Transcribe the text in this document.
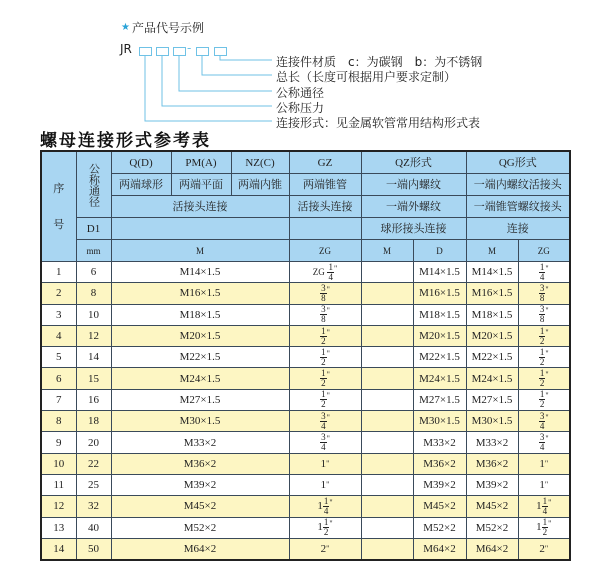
★ 产品代号示例
JR	-
连接件材质　c：为碳钢　b：为不锈钢
总长（长度可根据用户要求定制）
公称通径
公称压力
连接形式：见金属软管常用结构形式表
螺母连接形式参考表
序

号	公称通径	Q(D)	PM(A)	NZ(C)	GZ	QZ形式		QG形式	
		两端球形	两端平面	两端内锥	两端锥管	一端内螺纹		一端内螺纹活接头	
		活接头连接			活接头连接	一端外螺纹		一端锥管螺纹接头	
	D1					球形接头连接		连接	
	mm	M			ZG	M	D	M	ZG
1	6	M14×1.5			ZG $\frac{1}{4} ^"$		M14×1.5	M14×1.5	$\frac{1}{4} ^"$
2	8	M16×1.5			$\frac{3}{8} ^"$		M16×1.5	M16×1.5	$\frac{3}{8} ^"$
3	10	M18×1.5			$\frac{3}{8} ^"$		M18×1.5	M18×1.5	$\frac{3}{8} ^"$
4	12	M20×1.5			$\frac{1}{2} ^"$		M20×1.5	M20×1.5	$\frac{1}{2} ^"$
5	14	M22×1.5			$\frac{1}{2} ^"$		M22×1.5	M22×1.5	$\frac{1}{2} ^"$
6	15	M24×1.5			$\frac{1}{2} ^"$		M24×1.5	M24×1.5	$\frac{1}{2} ^"$
7	16	M27×1.5			$\frac{1}{2} ^"$		M27×1.5	M27×1.5	$\frac{1}{2} ^"$
8	18	M30×1.5			$\frac{3}{4} ^"$		M30×1.5	M30×1.5	$\frac{3}{4} ^"$
9	20	M33×2			$\frac{3}{4} ^"$		M33×2	M33×2	$\frac{3}{4} ^"$
10	22	M36×2			1"		M36×2	M36×2	1"
11	25	M39×2			1"		M39×2	M39×2	1"
12	32	M45×2			$1 \frac{1}{4} ^"$		M45×2	M45×2	$1 \frac{1}{4} ^"$
13	40	M52×2			$1 \frac{1}{2} ^"$		M52×2	M52×2	$1 \frac{1}{2} ^"$
14	50	M64×2			2"		M64×2	M64×2	2"
